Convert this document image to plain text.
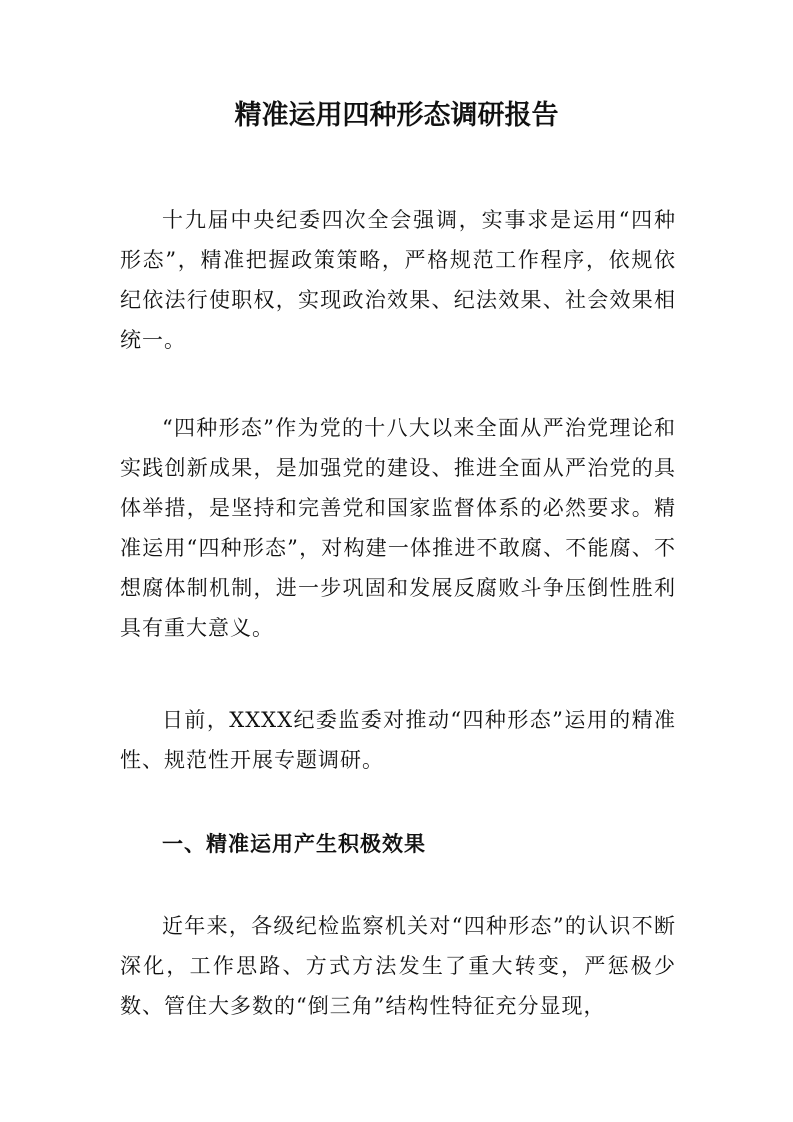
精准运用四种形态调研报告

十九届中央纪委四次全会强调，实事求是运用“四种形态”，精准把握政策策略，严格规范工作程序，依规依纪依法行使职权，实现政治效果、纪法效果、社会效果相统一。

“四种形态”作为党的十八大以来全面从严治党理论和实践创新成果，是加强党的建设、推进全面从严治党的具体举措，是坚持和完善党和国家监督体系的必然要求。精准运用“四种形态”，对构建一体推进不敢腐、不能腐、不想腐体制机制，进一步巩固和发展反腐败斗争压倒性胜利具有重大意义。

日前，XXXX纪委监委对推动“四种形态”运用的精准性、规范性开展专题调研。

一、精准运用产生积极效果

近年来，各级纪检监察机关对“四种形态”的认识不断深化，工作思路、方式方法发生了重大转变，严惩极少数、管住大多数的“倒三角”结构性特征充分显现，
